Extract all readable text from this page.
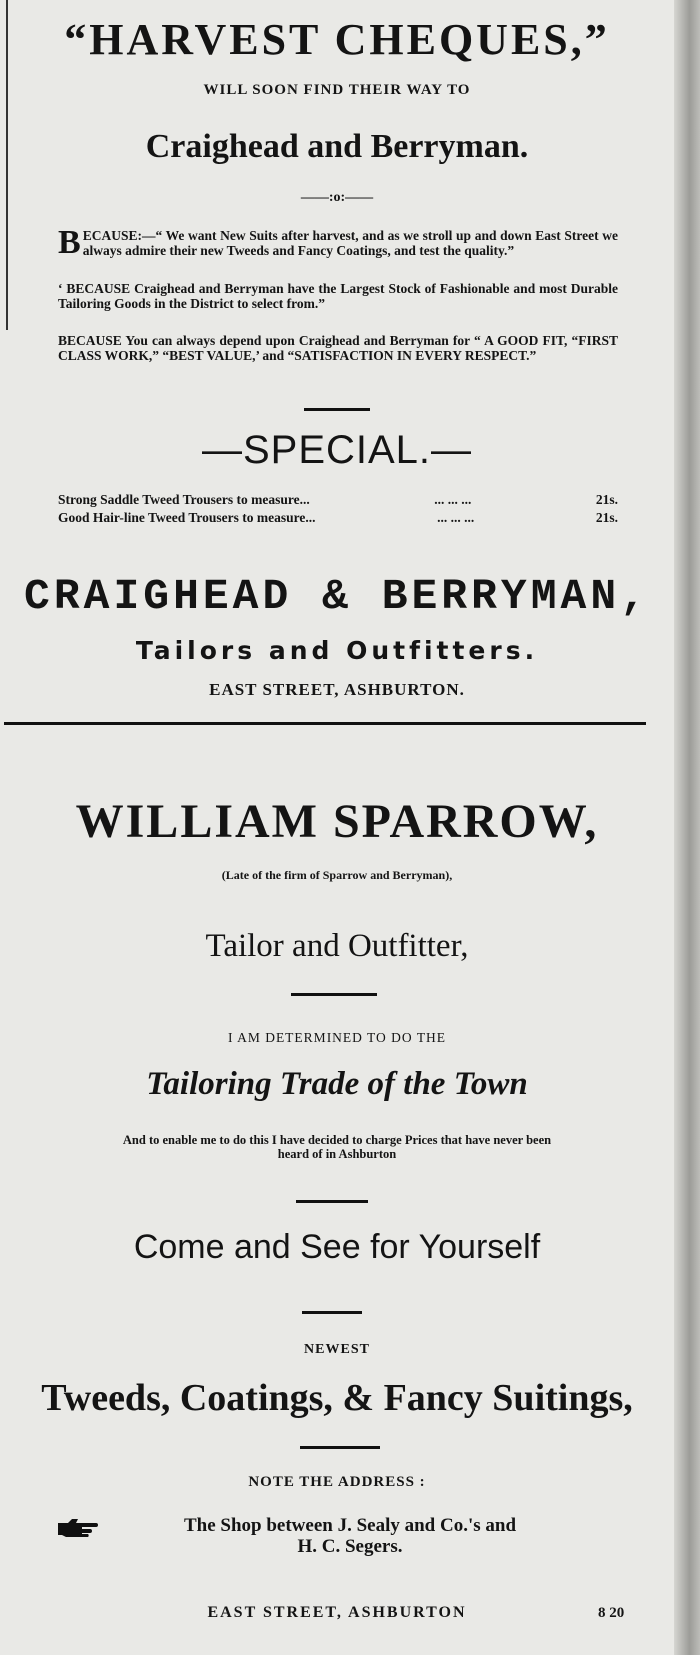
“HARVEST CHEQUES,”
WILL SOON FIND THEIR WAY TO
Craighead and Berryman.
——:o:——
B ECAUSE:—“ We want New Suits after harvest, and as we stroll up and down East Street we always admire their new Tweeds and Fancy Coatings, and test the quality.”
‘ BECAUSE Craighead and Berryman have the Largest Stock of Fashionable and most Durable Tailoring Goods in the District to select from.”
BECAUSE You can always depend upon Craighead and Berryman for “ A GOOD FIT, “FIRST CLASS WORK,” “BEST VALUE,’ and “SATISFACTION IN EVERY RESPECT.”
—SPECIAL.—
Strong Saddle Tweed Trousers to measure...	... ... ...	21s.
Good Hair-line Tweed Trousers to measure...	... ... ...	21s.
CRAIGHEAD & BERRYMAN,
Tailors and Outfitters.
EAST STREET, ASHBURTON.
WILLIAM SPARROW,
(Late of the firm of Sparrow and Berryman),
Tailor and Outfitter,
I AM DETERMINED TO DO THE
Tailoring Trade of the Town
And to enable me to do this I have decided to charge Prices that have never been
heard of in Ashburton
Come and See for Yourself
NEWEST
Tweeds, Coatings, & Fancy Suitings,
NOTE THE ADDRESS :
The Shop between J. Sealy and Co.'s and
H. C. Segers.
EAST STREET, ASHBURTON	8 20
